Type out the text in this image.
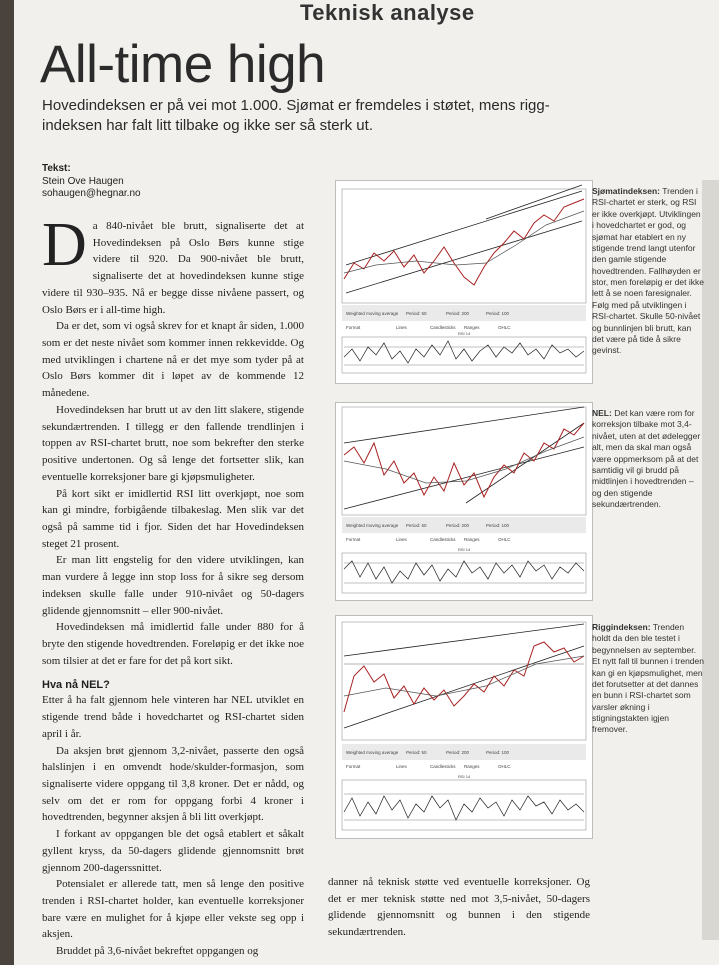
Teknisk analyse
All-time high
Hovedindeksen er på vei mot 1.000. Sjømat er fremdeles i støtet, mens rigg-indeksen har falt litt tilbake og ikke ser så sterk ut.
Tekst:
Stein Ove Haugen
sohaugen@hegnar.no

Da 840-nivået ble brutt, signaliserte det at Hovedindeksen på Oslo Børs kunne stige videre til 920. Da 900-nivået ble brutt, signaliserte det at hovedindeksen kunne stige videre til 930–935. Nå er begge disse nivåene passert, og Oslo Børs er i all-time high.

Da er det, som vi også skrev for et knapt år siden, 1.000 som er det neste nivået som kommer innen rekkevidde. Og med utviklingen i chartene nå er det mye som tyder på at Oslo Børs kommer dit i løpet av de kommende 12 månedene.

Hovedindeksen har brutt ut av den litt slakere, stigende sekundærtrenden. I tillegg er den fallende trendlinjen i toppen av RSI-chartet brutt, noe som bekrefter den sterke positive undertonen. Og så lenge det fortsetter slik, kan eventuelle korreksjoner bare gi kjøpsmuligheter.

På kort sikt er imidlertid RSI litt overkjøpt, noe som kan gi mindre, forbigående tilbakeslag. Men slik var det også på samme tid i fjor. Siden det har Hovedindeksen steget 21 prosent.

Er man litt engstelig for den videre utviklingen, kan man vurdere å legge inn stop loss for å sikre seg dersom indeksen skulle falle under 910-nivået og 50-dagers glidende gjennomsnitt – eller 900-nivået.

Hovedindeksen må imidlertid falle under 880 for å bryte den stigende hovedtrenden. Foreløpig er det ikke noe som tilsier at det er fare for det på kort sikt.

Hva nå NEL?

Etter å ha falt gjennom hele vinteren har NEL utviklet en stigende trend både i hovedchartet og RSI-chartet siden april i år.

Da aksjen brøt gjennom 3,2-nivået, passerte den også halslinjen i en omvendt hode/skulder-formasjon, som signaliserte videre oppgang til 3,8 kroner. Det er nådd, og selv om det er rom for oppgang forbi 4 kroner i hovedtrenden, begynner aksjen å bli litt overkjøpt.

I forkant av oppgangen ble det også etablert et såkalt gyllent kryss, da 50-dagers glidende gjennomsnitt brøt gjennom 200-dagerssnittet.

Potensialet er allerede tatt, men så lenge den positive trenden i RSI-chartet holder, kan eventuelle korreksjoner bare være en mulighet for å kjøpe eller vekste seg opp i aksjen.

Bruddet på 3,6-nivået bekreftet oppgangen og

danner nå teknisk støtte ved eventuelle korreksjoner. Og det er mer teknisk støtte ned mot 3,5-nivået, 50-dagers glidende gjennomsnitt og bunnen i den stigende sekundærtrenden.

Weighted moving average Period: 50	Period: 200	Period: 100
Format
RSI 14
Lines	Candlesticks Ranges	OHLC
Sjømatindeksen: Trenden i RSI-chartet er sterk, og RSI er ikke overkjøpt. Utviklingen i hovedchartet er god, og sjømat har etablert en ny stigende trend langt utenfor den gamle stigende hovedtrenden. Fallhøyden er stor, men foreløpig er det ikke lett å se noen faresignaler. Følg med på utviklingen i RSI-chartet. Skulle 50-nivået og bunnlinjen bli brutt, kan det være på tide å sikre gevinst.
Weighted moving average Period: 50	Period: 200	Period: 100
Format
RSI 14
Lines	Candlesticks Ranges	OHLC
NEL: Det kan være rom for korreksjon tilbake mot 3,4-nivået, uten at det ødelegger alt, men da skal man også være oppmerksom på at det samtidig vil gi brudd på midtlinjen i hovedtrenden – og den stigende sekundærtrenden.
Weighted moving average Period: 50	Period: 200	Period: 100
Format
RSI 14
Lines	Candlesticks Ranges	OHLC
Riggindeksen: Trenden holdt da den ble testet i begynnelsen av september. Et nytt fall til bunnen i trenden kan gi en kjøpsmulighet, men det forutsetter at det dannes en bunn i RSI-chartet som varsler økning i stigningstakten igjen fremover.
